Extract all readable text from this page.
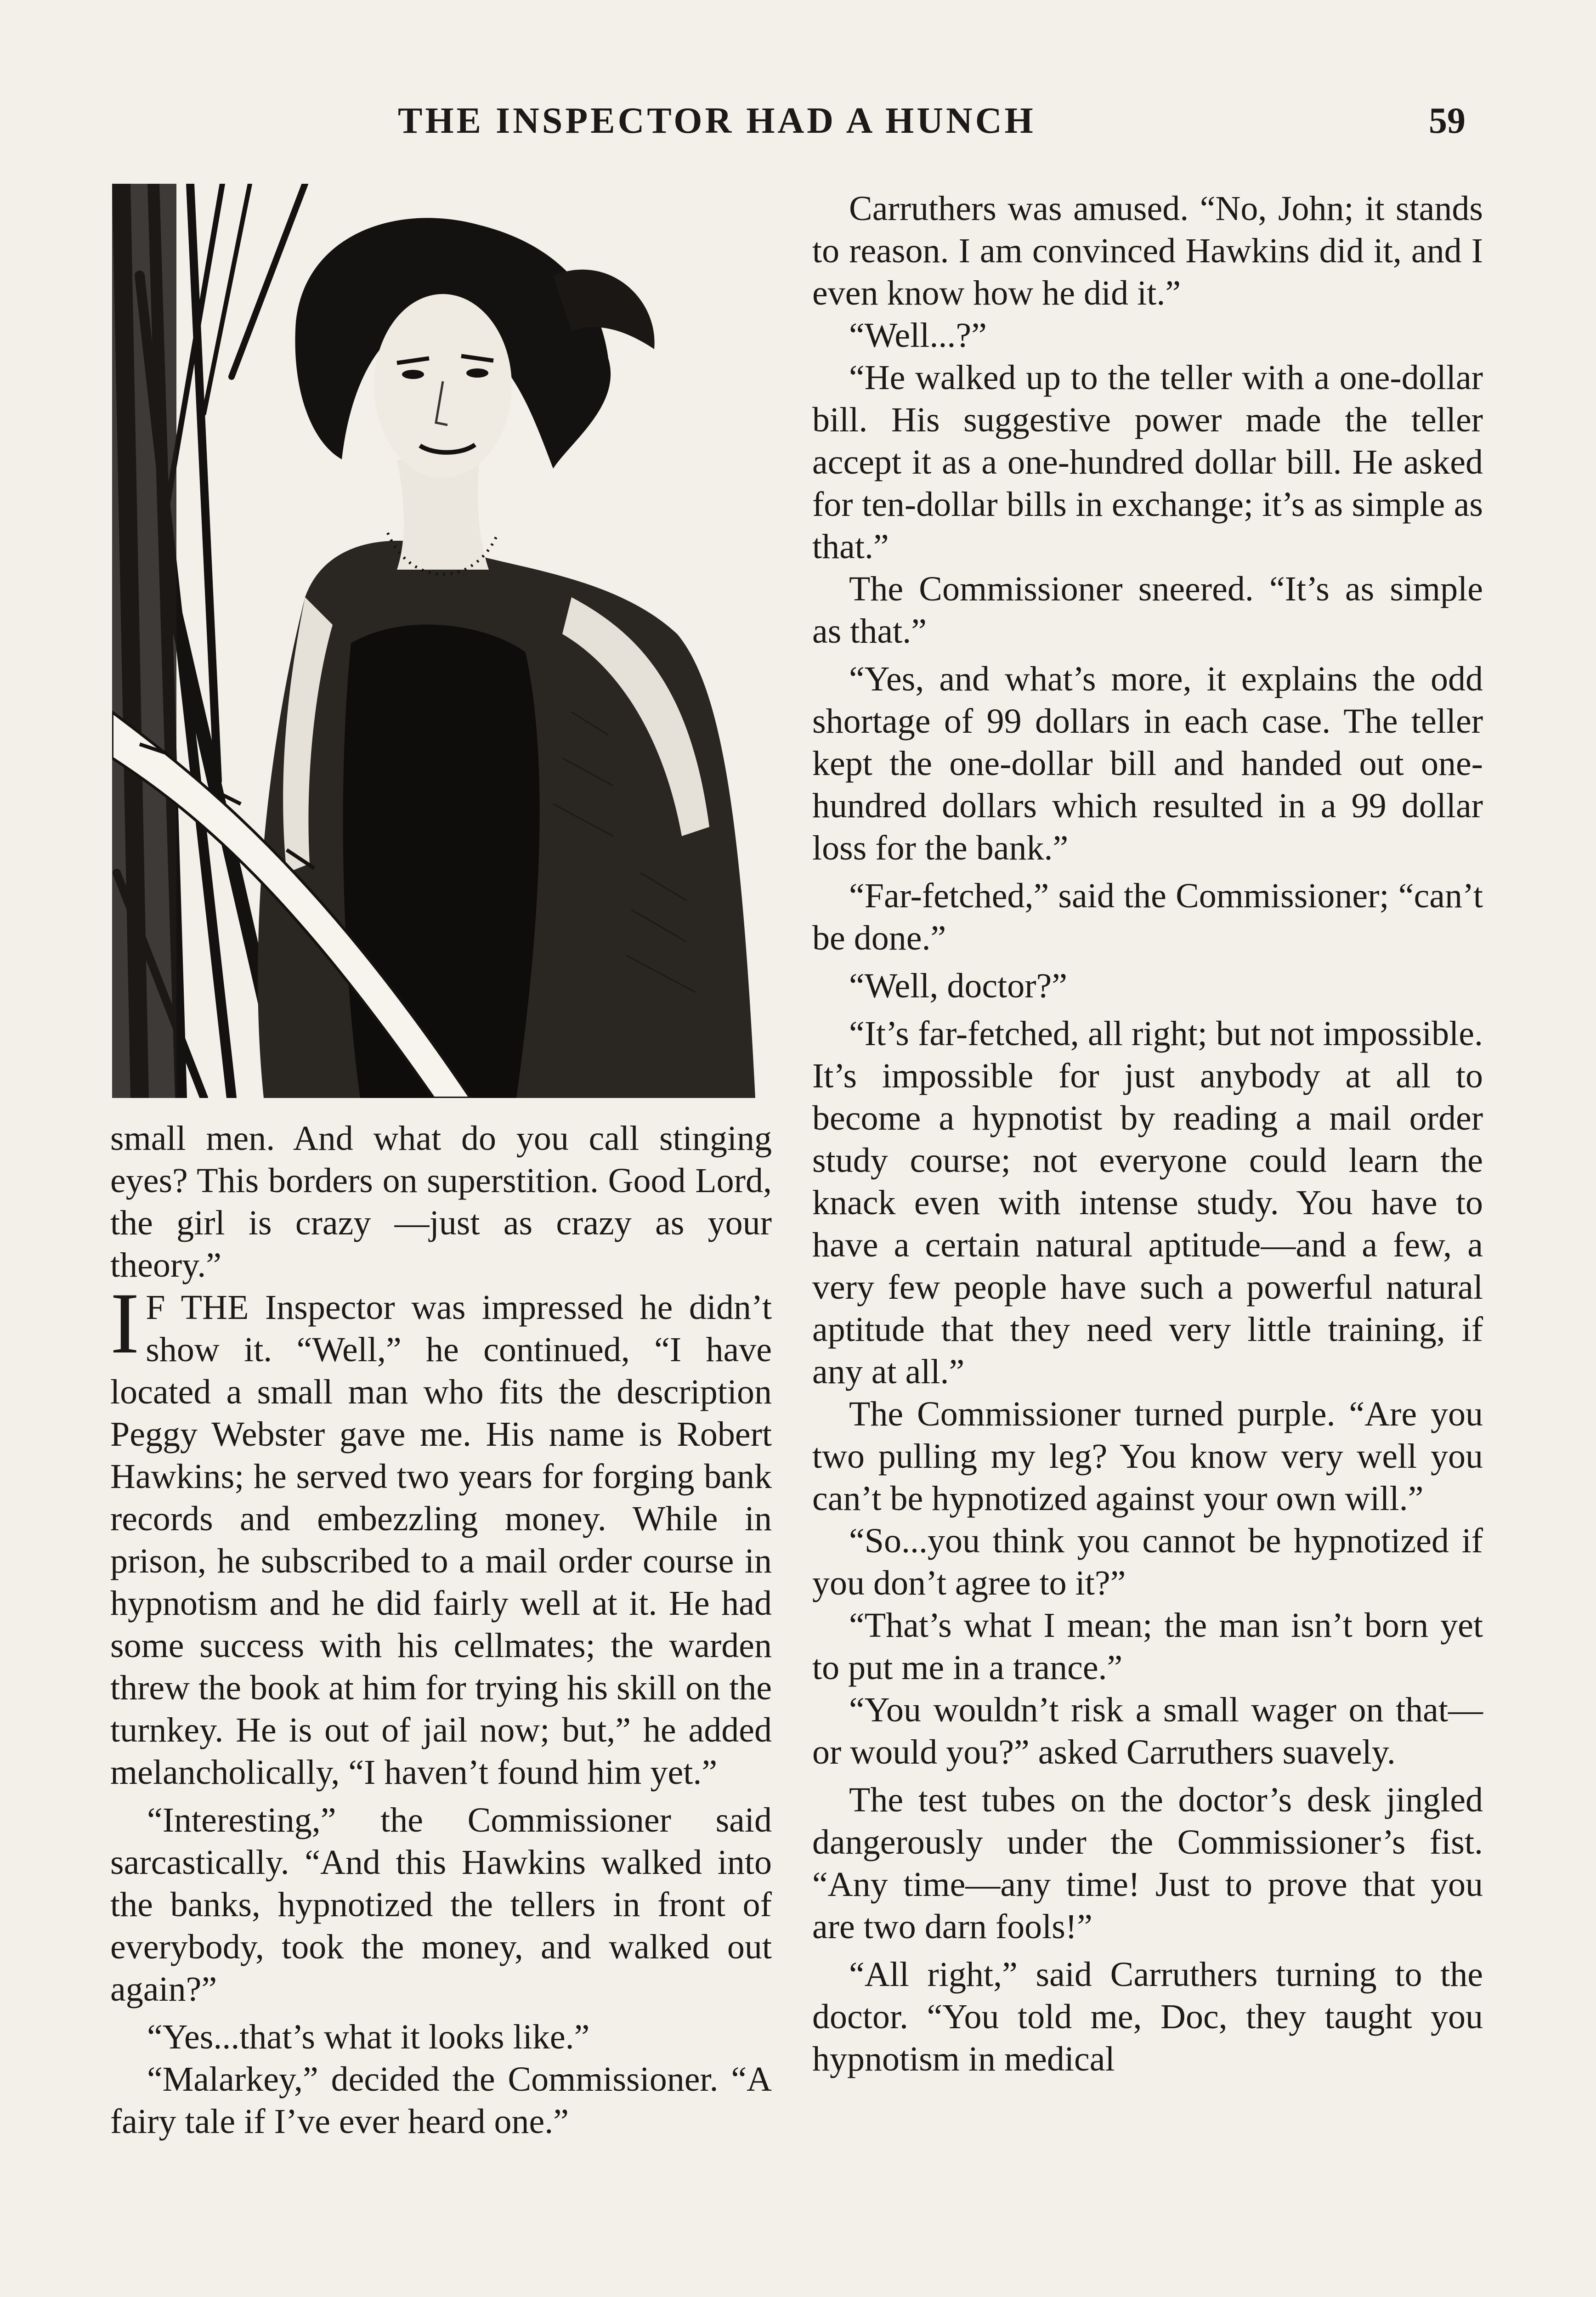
THE INSPECTOR HAD A HUNCH	59

small men. And what do you call stinging eyes? This borders on superstition. Good Lord, the girl is crazy —just as crazy as your theory.”

I F THE Inspector was impressed he didn’t show it. “Well,” he continued, “I have located a small man who fits the description Peggy Webster gave me. His name is Robert Hawkins; he served two years for forging bank records and embezzling money. While in prison, he subscribed to a mail order course in hypnotism and he did fairly well at it. He had some success with his cellmates; the warden threw the book at him for trying his skill on the turnkey. He is out of jail now; but,” he added melancholically, “I haven’t found him yet.”

“Interesting,” the Commissioner said sarcastically. “And this Hawkins walked into the banks, hypnotized the tellers in front of everybody, took the money, and walked out again?”

“Yes...that’s what it looks like.”

“Malarkey,” decided the Commissioner. “A fairy tale if I’ve ever heard one.”

Carruthers was amused. “No, John; it stands to reason. I am convinced Hawkins did it, and I even know how he did it.”

“Well...?”

“He walked up to the teller with a one-dollar bill. His suggestive power made the teller accept it as a one-hundred dollar bill. He asked for ten-dollar bills in exchange; it’s as simple as that.”

The Commissioner sneered. “It’s as simple as that.”

“Yes, and what’s more, it explains the odd shortage of 99 dollars in each case. The teller kept the one-dollar bill and handed out one-hundred dollars which resulted in a 99 dollar loss for the bank.”

“Far-fetched,” said the Commissioner; “can’t be done.”

“Well, doctor?”

“It’s far-fetched, all right; but not impossible. It’s impossible for just anybody at all to become a hypnotist by reading a mail order study course; not everyone could learn the knack even with intense study. You have to have a certain natural aptitude—and a few, a very few people have such a powerful natural aptitude that they need very little training, if any at all.”

The Commissioner turned purple. “Are you two pulling my leg? You know very well you can’t be hypnotized against your own will.”

“So...you think you cannot be hypnotized if you don’t agree to it?”

“That’s what I mean; the man isn’t born yet to put me in a trance.”

“You wouldn’t risk a small wager on that—or would you?” asked Carruthers suavely.

The test tubes on the doctor’s desk jingled dangerously under the Commissioner’s fist. “Any time—any time! Just to prove that you are two darn fools!”

“All right,” said Carruthers turning to the doctor. “You told me, Doc, they taught you hypnotism in medical
